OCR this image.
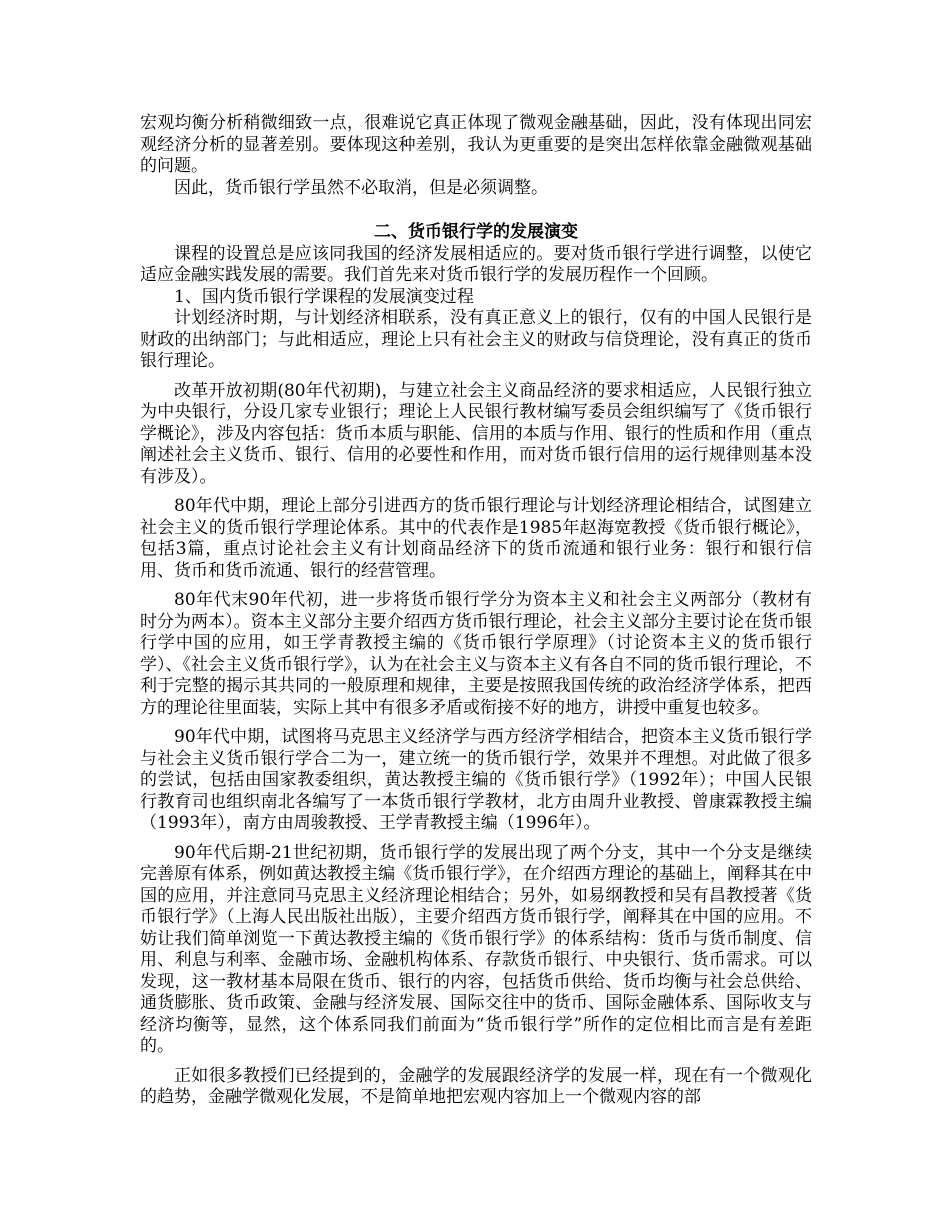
宏观均衡分析稍微细致一点，很难说它真正体现了微观金融基础，因此，没有体现出同宏观经济分析的显著差别。要体现这种差别，我认为更重要的是突出怎样依靠金融微观基础的问题。

因此，货币银行学虽然不必取消，但是必须调整。

二、货币银行学的发展演变

课程的设置总是应该同我国的经济发展相适应的。要对货币银行学进行调整，以使它适应金融实践发展的需要。我们首先来对货币银行学的发展历程作一个回顾。

1、国内货币银行学课程的发展演变过程

计划经济时期，与计划经济相联系，没有真正意义上的银行，仅有的中国人民银行是财政的出纳部门；与此相适应，理论上只有社会主义的财政与信贷理论，没有真正的货币银行理论。

改革开放初期(80年代初期)，与建立社会主义商品经济的要求相适应，人民银行独立为中央银行，分设几家专业银行；理论上人民银行教材编写委员会组织编写了《货币银行学概论》，涉及内容包括：货币本质与职能、信用的本质与作用、银行的性质和作用（重点阐述社会主义货币、银行、信用的必要性和作用，而对货币银行信用的运行规律则基本没有涉及）。

80年代中期，理论上部分引进西方的货币银行理论与计划经济理论相结合，试图建立社会主义的货币银行学理论体系。其中的代表作是1985年赵海宽教授《货币银行概论》，包括3篇，重点讨论社会主义有计划商品经济下的货币流通和银行业务：银行和银行信用、货币和货币流通、银行的经营管理。

80年代末90年代初，进一步将货币银行学分为资本主义和社会主义两部分（教材有时分为两本）。资本主义部分主要介绍西方货币银行理论，社会主义部分主要讨论在货币银行学中国的应用，如王学青教授主编的《货币银行学原理》（讨论资本主义的货币银行学）、《社会主义货币银行学》，认为在社会主义与资本主义有各自不同的货币银行理论，不利于完整的揭示其共同的一般原理和规律，主要是按照我国传统的政治经济学体系，把西方的理论往里面装，实际上其中有很多矛盾或衔接不好的地方，讲授中重复也较多。

90年代中期，试图将马克思主义经济学与西方经济学相结合，把资本主义货币银行学与社会主义货币银行学合二为一，建立统一的货币银行学，效果并不理想。对此做了很多的尝试，包括由国家教委组织，黄达教授主编的《货币银行学》（1992年）；中国人民银行教育司也组织南北各编写了一本货币银行学教材，北方由周升业教授、曾康霖教授主编（1993年），南方由周骏教授、王学青教授主编（1996年）。

90年代后期-21世纪初期，货币银行学的发展出现了两个分支，其中一个分支是继续完善原有体系，例如黄达教授主编《货币银行学》，在介绍西方理论的基础上，阐释其在中国的应用，并注意同马克思主义经济理论相结合；另外，如易纲教授和吴有昌教授著《货币银行学》（上海人民出版社出版），主要介绍西方货币银行学，阐释其在中国的应用。不妨让我们简单浏览一下黄达教授主编的《货币银行学》的体系结构：货币与货币制度、信用、利息与利率、金融市场、金融机构体系、存款货币银行、中央银行、货币需求。可以发现，这一教材基本局限在货币、银行的内容，包括货币供给、货币均衡与社会总供给、通货膨胀、货币政策、金融与经济发展、国际交往中的货币、国际金融体系、国际收支与经济均衡等，显然，这个体系同我们前面为“货币银行学”所作的定位相比而言是有差距的。

正如很多教授们已经提到的，金融学的发展跟经济学的发展一样，现在有一个微观化的趋势，金融学微观化发展，不是简单地把宏观内容加上一个微观内容的部
